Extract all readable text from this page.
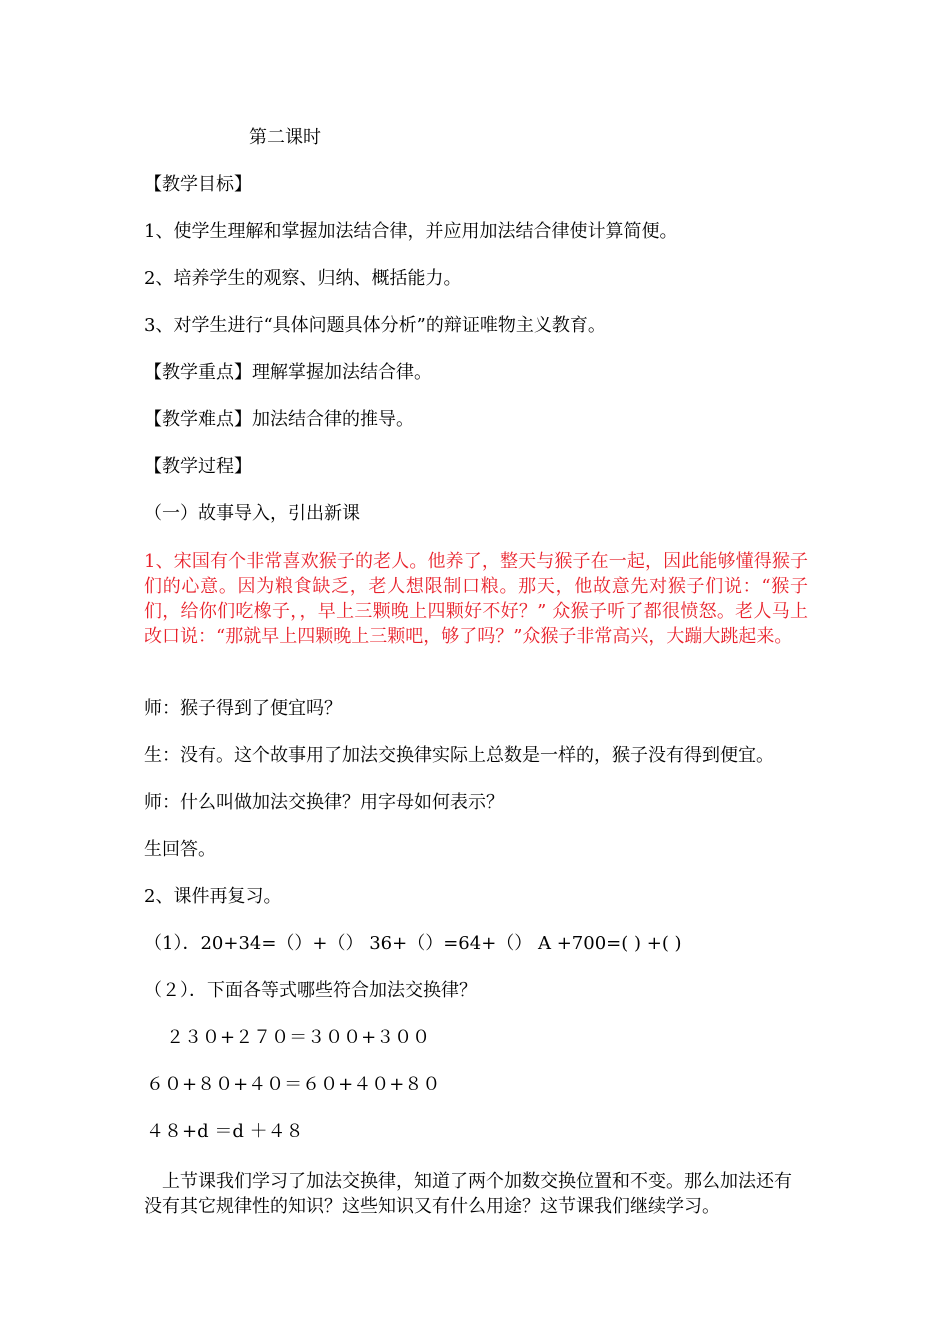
第二课时

【教学目标】

1、使学生理解和掌握加法结合律，并应用加法结合律使计算简便。

2、培养学生的观察、归纳、概括能力。

3、对学生进行“具体问题具体分析”的辩证唯物主义教育。

【教学重点】理解掌握加法结合律。

【教学难点】加法结合律的推导。

【教学过程】

（一）故事导入，引出新课

1、宋国有个非常喜欢猴子的老人。他养了，整天与猴子在一起，因此能够懂得猴子们的心意。因为粮食缺乏，老人想限制口粮。那天，他故意先对猴子们说：“猴子们，给你们吃橡子，，早上三颗晚上四颗好不好？” 众猴子听了都很愤怒。老人马上改口说：“那就早上四颗晚上三颗吧，够了吗？”众猴子非常高兴，大蹦大跳起来。

师：猴子得到了便宜吗？

生：没有。这个故事用了加法交换律实际上总数是一样的，猴子没有得到便宜。

师：什么叫做加法交换律？用字母如何表示？

生回答。

2、课件再复习。

（1）．20+34=（）+（） 36+（）=64+（） A +700=( ) +( )

（２）．下面各等式哪些符合加法交换律？

２３０+２７０＝３００+３００

６０+８０+４０＝６０+４０+８０

４８+d ＝d ＋４８

上节课我们学习了加法交换律，知道了两个加数交换位置和不变。那么加法还有没有其它规律性的知识？这些知识又有什么用途？这节课我们继续学习。
